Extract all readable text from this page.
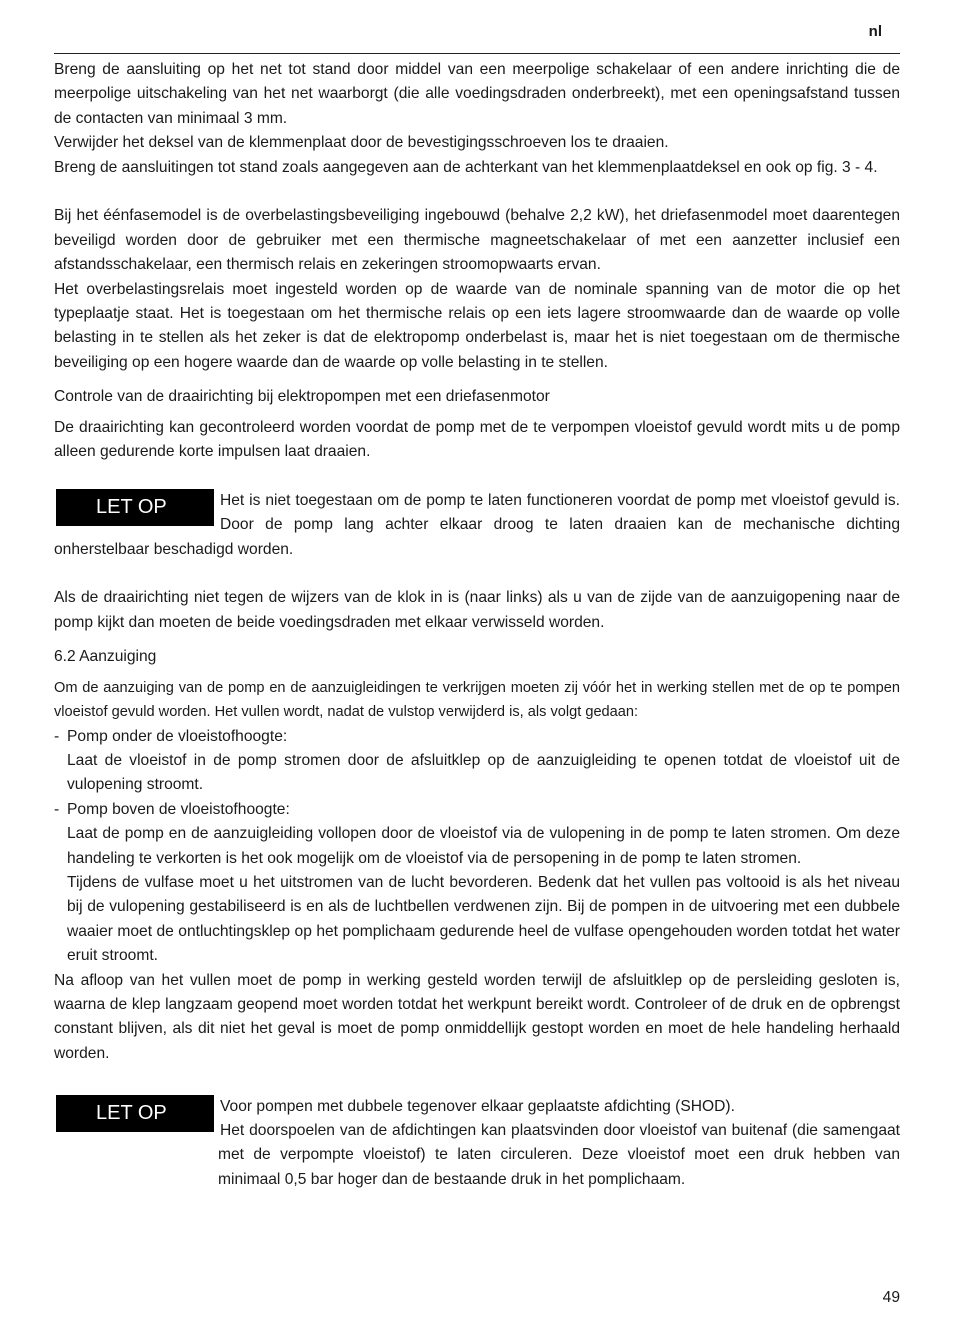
nl

Breng de aansluiting op het net tot stand door middel van een meerpolige schakelaar of een andere inrichting die de meerpolige uitschakeling van het net waarborgt (die alle voedingsdraden onderbreekt), met een openingsafstand tussen de contacten van minimaal 3 mm.

Verwijder het deksel van de klemmenplaat door de bevestigingsschroeven los te draaien.

Breng de aansluitingen tot stand zoals aangegeven aan de achterkant van het klemmenplaatdeksel en ook op fig. 3 - 4.

Bij het éénfasemodel is de overbelastingsbeveiliging ingebouwd (behalve 2,2 kW), het driefasenmodel moet daarentegen beveiligd worden door de gebruiker met een thermische magneetschakelaar of met een aanzetter inclusief een afstandsschakelaar, een thermisch relais en zekeringen stroomopwaarts ervan.

Het overbelastingsrelais moet ingesteld worden op de waarde van de nominale spanning van de motor die op het typeplaatje staat. Het is toegestaan om het thermische relais op een iets lagere stroomwaarde dan de waarde op volle belasting in te stellen als het zeker is dat de elektropomp onderbelast is, maar het is niet toegestaan om de thermische beveiliging op een hogere waarde dan de waarde op volle belasting in te stellen.

Controle van de draairichting bij elektropompen met een driefasenmotor

De draairichting kan gecontroleerd worden voordat de pomp met de te verpompen vloeistof gevuld wordt mits u de pomp alleen gedurende korte impulsen laat draaien.

LET OP	Het is niet toegestaan om de pomp te laten functioneren voordat de pomp met vloeistof gevuld is. Door de pomp lang achter elkaar droog te laten draaien kan de mechanische dichting onherstelbaar beschadigd worden.

Als de draairichting niet tegen de wijzers van de klok in is (naar links) als u van de zijde van de aanzuigopening naar de pomp kijkt dan moeten de beide voedingsdraden met elkaar verwisseld worden.

6.2 Aanzuiging

Om de aanzuiging van de pomp en de aanzuigleidingen te verkrijgen moeten zij vóór het in werking stellen met de op te pompen vloeistof gevuld worden. Het vullen wordt, nadat de vulstop verwijderd is, als volgt gedaan:

- Pomp onder de vloeistofhoogte:

Laat de vloeistof in de pomp stromen door de afsluitklep op de aanzuigleiding te openen totdat de vloeistof uit de vulopening stroomt.

- Pomp boven de vloeistofhoogte:

Laat de pomp en de aanzuigleiding vollopen door de vloeistof via de vulopening in de pomp te laten stromen. Om deze handeling te verkorten is het ook mogelijk om de vloeistof via de persopening in de pomp te laten stromen.

Tijdens de vulfase moet u het uitstromen van de lucht bevorderen. Bedenk dat het vullen pas voltooid is als het niveau bij de vulopening gestabiliseerd is en als de luchtbellen verdwenen zijn. Bij de pompen in de uitvoering met een dubbele waaier moet de ontluchtingsklep op het pomplichaam gedurende heel de vulfase opengehouden worden totdat het water eruit stroomt.

Na afloop van het vullen moet de pomp in werking gesteld worden terwijl de afsluitklep op de persleiding gesloten is, waarna de klep langzaam geopend moet worden totdat het werkpunt bereikt wordt. Controleer of de druk en de opbrengst constant blijven, als dit niet het geval is moet de pomp onmiddellijk gestopt worden en moet de hele handeling herhaald worden.

LET OP	Voor pompen met dubbele tegenover elkaar geplaatste afdichting (SHOD).

Het doorspoelen van de afdichtingen kan plaatsvinden door vloeistof van buitenaf (die samengaat met de verpompte vloeistof) te laten circuleren. Deze vloeistof moet een druk hebben van minimaal 0,5 bar hoger dan de bestaande druk in het pomplichaam.

49
